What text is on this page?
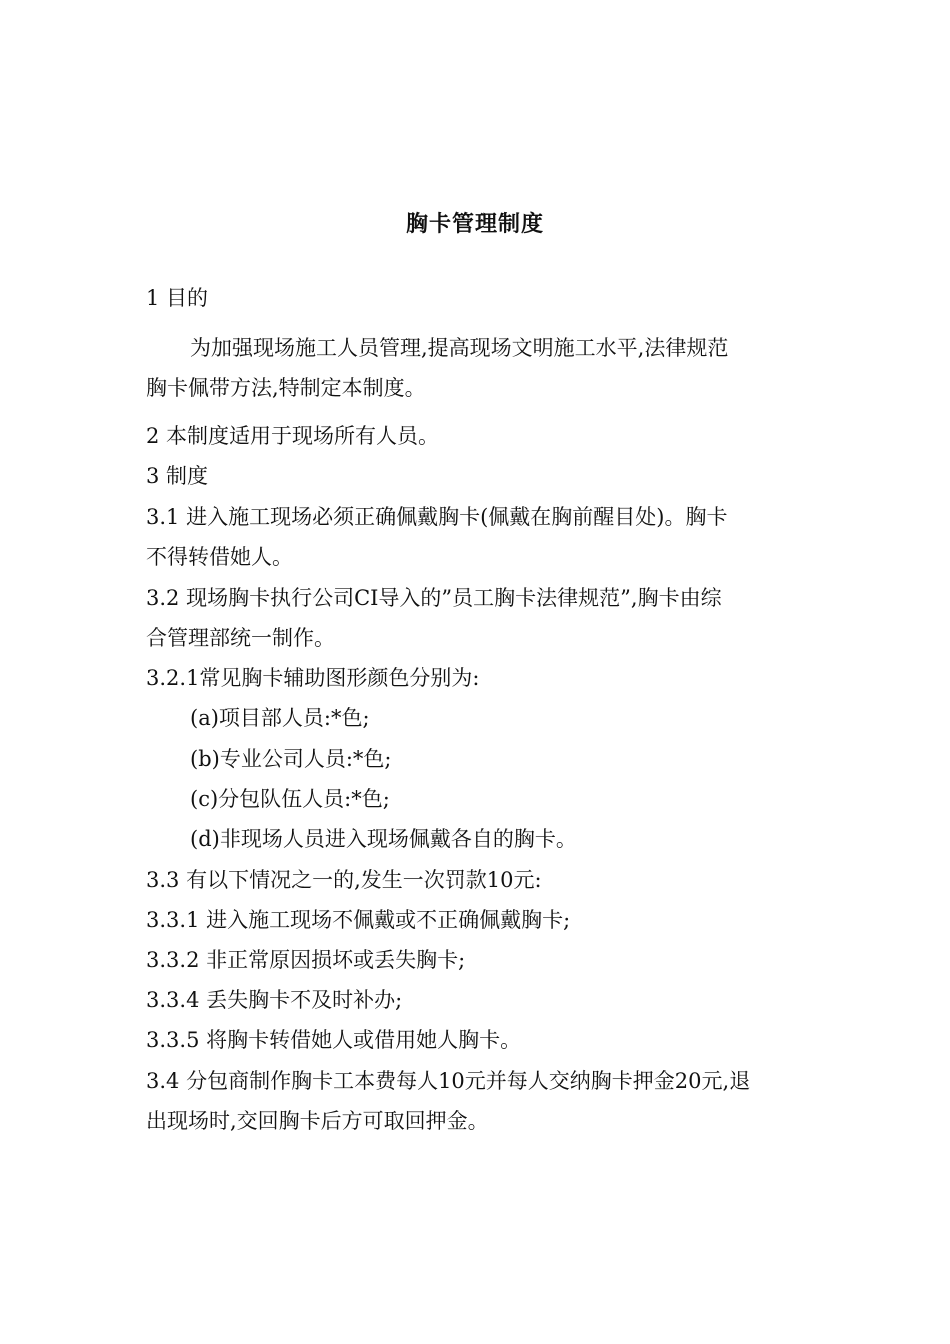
胸卡管理制度
1 目的
为加强现场施工人员管理,提高现场文明施工水平,法律规范
胸卡佩带方法,特制定本制度。
2 本制度适用于现场所有人员。
3 制度
3.1 进入施工现场必须正确佩戴胸卡(佩戴在胸前醒目处)。胸卡
不得转借她人。
3.2 现场胸卡执行公司CI导入的”员工胸卡法律规范”,胸卡由综
合管理部统一制作。
3.2.1常见胸卡辅助图形颜色分别为:
(a)项目部人员:*色;
(b)专业公司人员:*色;
(c)分包队伍人员:*色;
(d)非现场人员进入现场佩戴各自的胸卡。
3.3 有以下情况之一的,发生一次罚款10元:
3.3.1 进入施工现场不佩戴或不正确佩戴胸卡;
3.3.2 非正常原因损坏或丢失胸卡;
3.3.4 丢失胸卡不及时补办;
3.3.5 将胸卡转借她人或借用她人胸卡。
3.4 分包商制作胸卡工本费每人10元并每人交纳胸卡押金20元,退
出现场时,交回胸卡后方可取回押金。
